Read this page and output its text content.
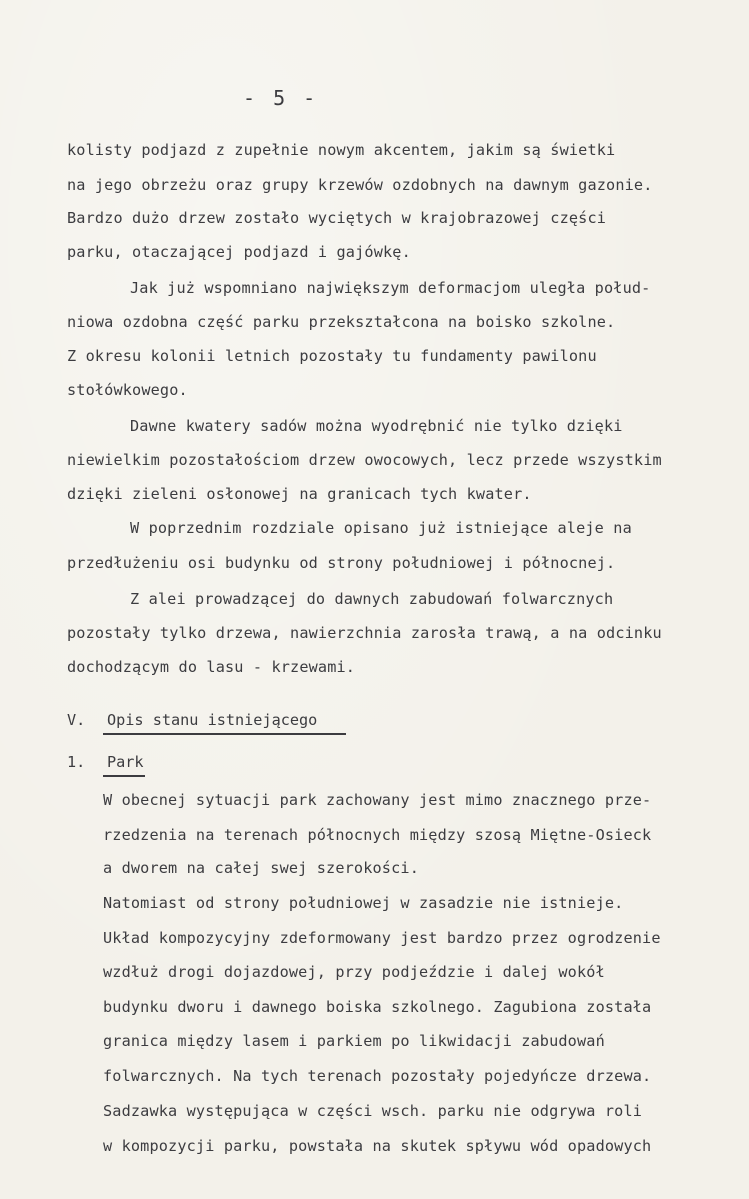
- 5 -
kolisty podjazd z zupełnie nowym akcentem, jakim są świetki
na jego obrzeżu oraz grupy krzewów ozdobnych na dawnym gazonie.
Bardzo dużo drzew zostało wyciętych w krajobrazowej części
parku, otaczającej podjazd i gajówkę.
Jak już wspomniano największym deformacjom uległa połud-
niowa ozdobna część parku przekształcona na boisko szkolne.
Z okresu kolonii letnich pozostały tu fundamenty pawilonu
stołówkowego.
Dawne kwatery sadów można wyodrębnić nie tylko dzięki
niewielkim pozostałościom drzew owocowych, lecz przede wszystkim
dzięki zieleni osłonowej na granicach tych kwater.
W poprzednim rozdziale opisano już istniejące aleje na
przedłużeniu osi budynku od strony południowej i północnej.
Z alei prowadzącej do dawnych zabudowań folwarcznych
pozostały tylko drzewa, nawierzchnia zarosła trawą, a na odcinku
dochodzącym do lasu - krzewami.
V. Opis stanu istniejącego
1. Park
W obecnej sytuacji park zachowany jest mimo znacznego prze-
rzedzenia na terenach północnych między szosą Miętne-Osieck
a dworem na całej swej szerokości.
Natomiast od strony południowej w zasadzie nie istnieje.
Układ kompozycyjny zdeformowany jest bardzo przez ogrodzenie
wzdłuż drogi dojazdowej, przy podjeździe i dalej wokół
budynku dworu i dawnego boiska szkolnego. Zagubiona została
granica między lasem i parkiem po likwidacji zabudowań
folwarcznych. Na tych terenach pozostały pojedyńcze drzewa.
Sadzawka występująca w części wsch. parku nie odgrywa roli
w kompozycji parku, powstała na skutek spływu wód opadowych
